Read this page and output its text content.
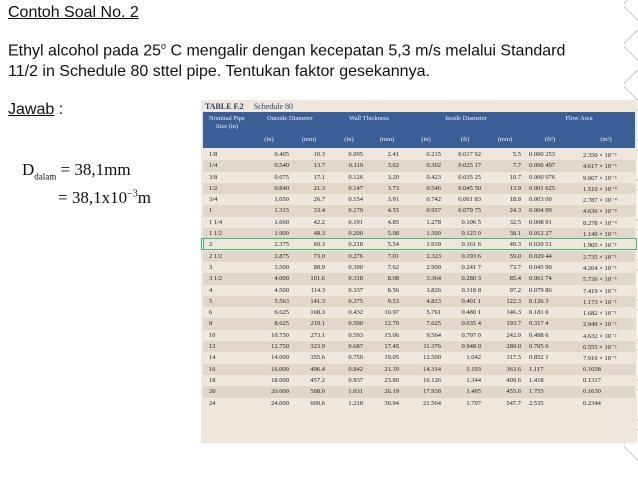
Contoh Soal No. 2
Ethyl alcohol pada 25$^o$ C mengalir dengan kecepatan 5,3 m/s melalui Standard
11/2 in Schedule 80 sttel pipe. Tentukan faktor gesekannya.
Jawab :
$D_{dalam} = 38,1mm$
= $38,1x10^{-3}m$
TABLE F.2 Schedule 80
Nominal Pipe Size (in)
Outside Diameter	Wall Thickness	Inside Diameter	Flow Area
(in)	(mm)	(in)	(mm)	(in)	(ft)	(mm)	(ft²)	(m²)
1/8	0.405	10.3	0.095	2.41	0.215	0.017 92	5.5 0.000 253	2.350 × 10⁻⁵
1/4	0.540	13.7	0.119	3.02	0.302	0.025 17	7.7 0.000 497	4.617 × 10⁻⁵
3/8	0.675	17.1	0.126	3.20	0.423	0.035 25	10.7 0.000 976	9.067 × 10⁻⁵
1/2	0.840	21.3	0.147	3.73	0.546	0.045 50	13.9 0.001 625	1.510 × 10⁻⁴
3/4	1.050	26.7	0.154	3.91	0.742	0.061 83	18.8 0.003 00	2.787 × 10⁻⁴
1	1.315	33.4	0.179	4.55	0.957	0.079 75	24.3 0.004 99	4.636 × 10⁻⁴
1 1/4	1.660	42.2	0.191	4.85	1.278	0.106 5	32.5 0.008 91	8.278 × 10⁻⁴
1 1/2	1.900	48.3	0.200	5.08	1.500	0.125 0	38.1 0.012 27	1.140 × 10⁻³
2	2.375	60.3	0.218	5.54	1.939	0.161 6	49.3 0.020 51	1.905 × 10⁻³
2 1/2	2.875	73.0	0.276	7.01	2.323	0.193 6	59.0 0.029 44	2.735 × 10⁻³
3	3.500	88.9	0.300	7.62	2.900	0.241 7	73.7 0.045 90	4.264 × 10⁻³
3 1/2	4.000	101.6	0.318	8.08	3.364	0.280 3	85.4 0.061 74	5.736 × 10⁻³
4	4.500	114.3	0.337	8.56	3.826	0.318 8	97.2 0.079 86	7.419 × 10⁻³
5	5.563	141.3	0.375	9.53	4.813	0.401 1	122.3 0.126 3	1.173 × 10⁻²
6	6.625	168.3	0.432	10.97	5.761	0.480 1	146.3 0.181 0	1.682 × 10⁻²
8	8.625	219.1	0.500	12.70	7.625	0.635 4	193.7 0.317 4	2.949 × 10⁻²
10	10.750	273.1	0.593	15.06	9.564	0.797 0	242.9 0.498 6	4.632 × 10⁻²
12	12.750	323.9	0.687	17.45	11.376	0.948 0	289.0 0.705 6	6.555 × 10⁻²
14	14.000	355.6	0.750	19.05	12.500	1.042	317.5 0.852 1	7.916 × 10⁻²
16	16.000	406.4	0.842	21.39	14.314	1.193	363.6 1.117	0.1038
18	18.000	457.2	0.937	23.80	16.126	1.344	409.6 1.418	0.1317
20	20.000	508.0	1.031	26.19	17.938	1.495	455.6 1.755	0.1630
24	24.000	609.6	1.218	30.94	21.564	1.797	547.7 2.535	0.2344
